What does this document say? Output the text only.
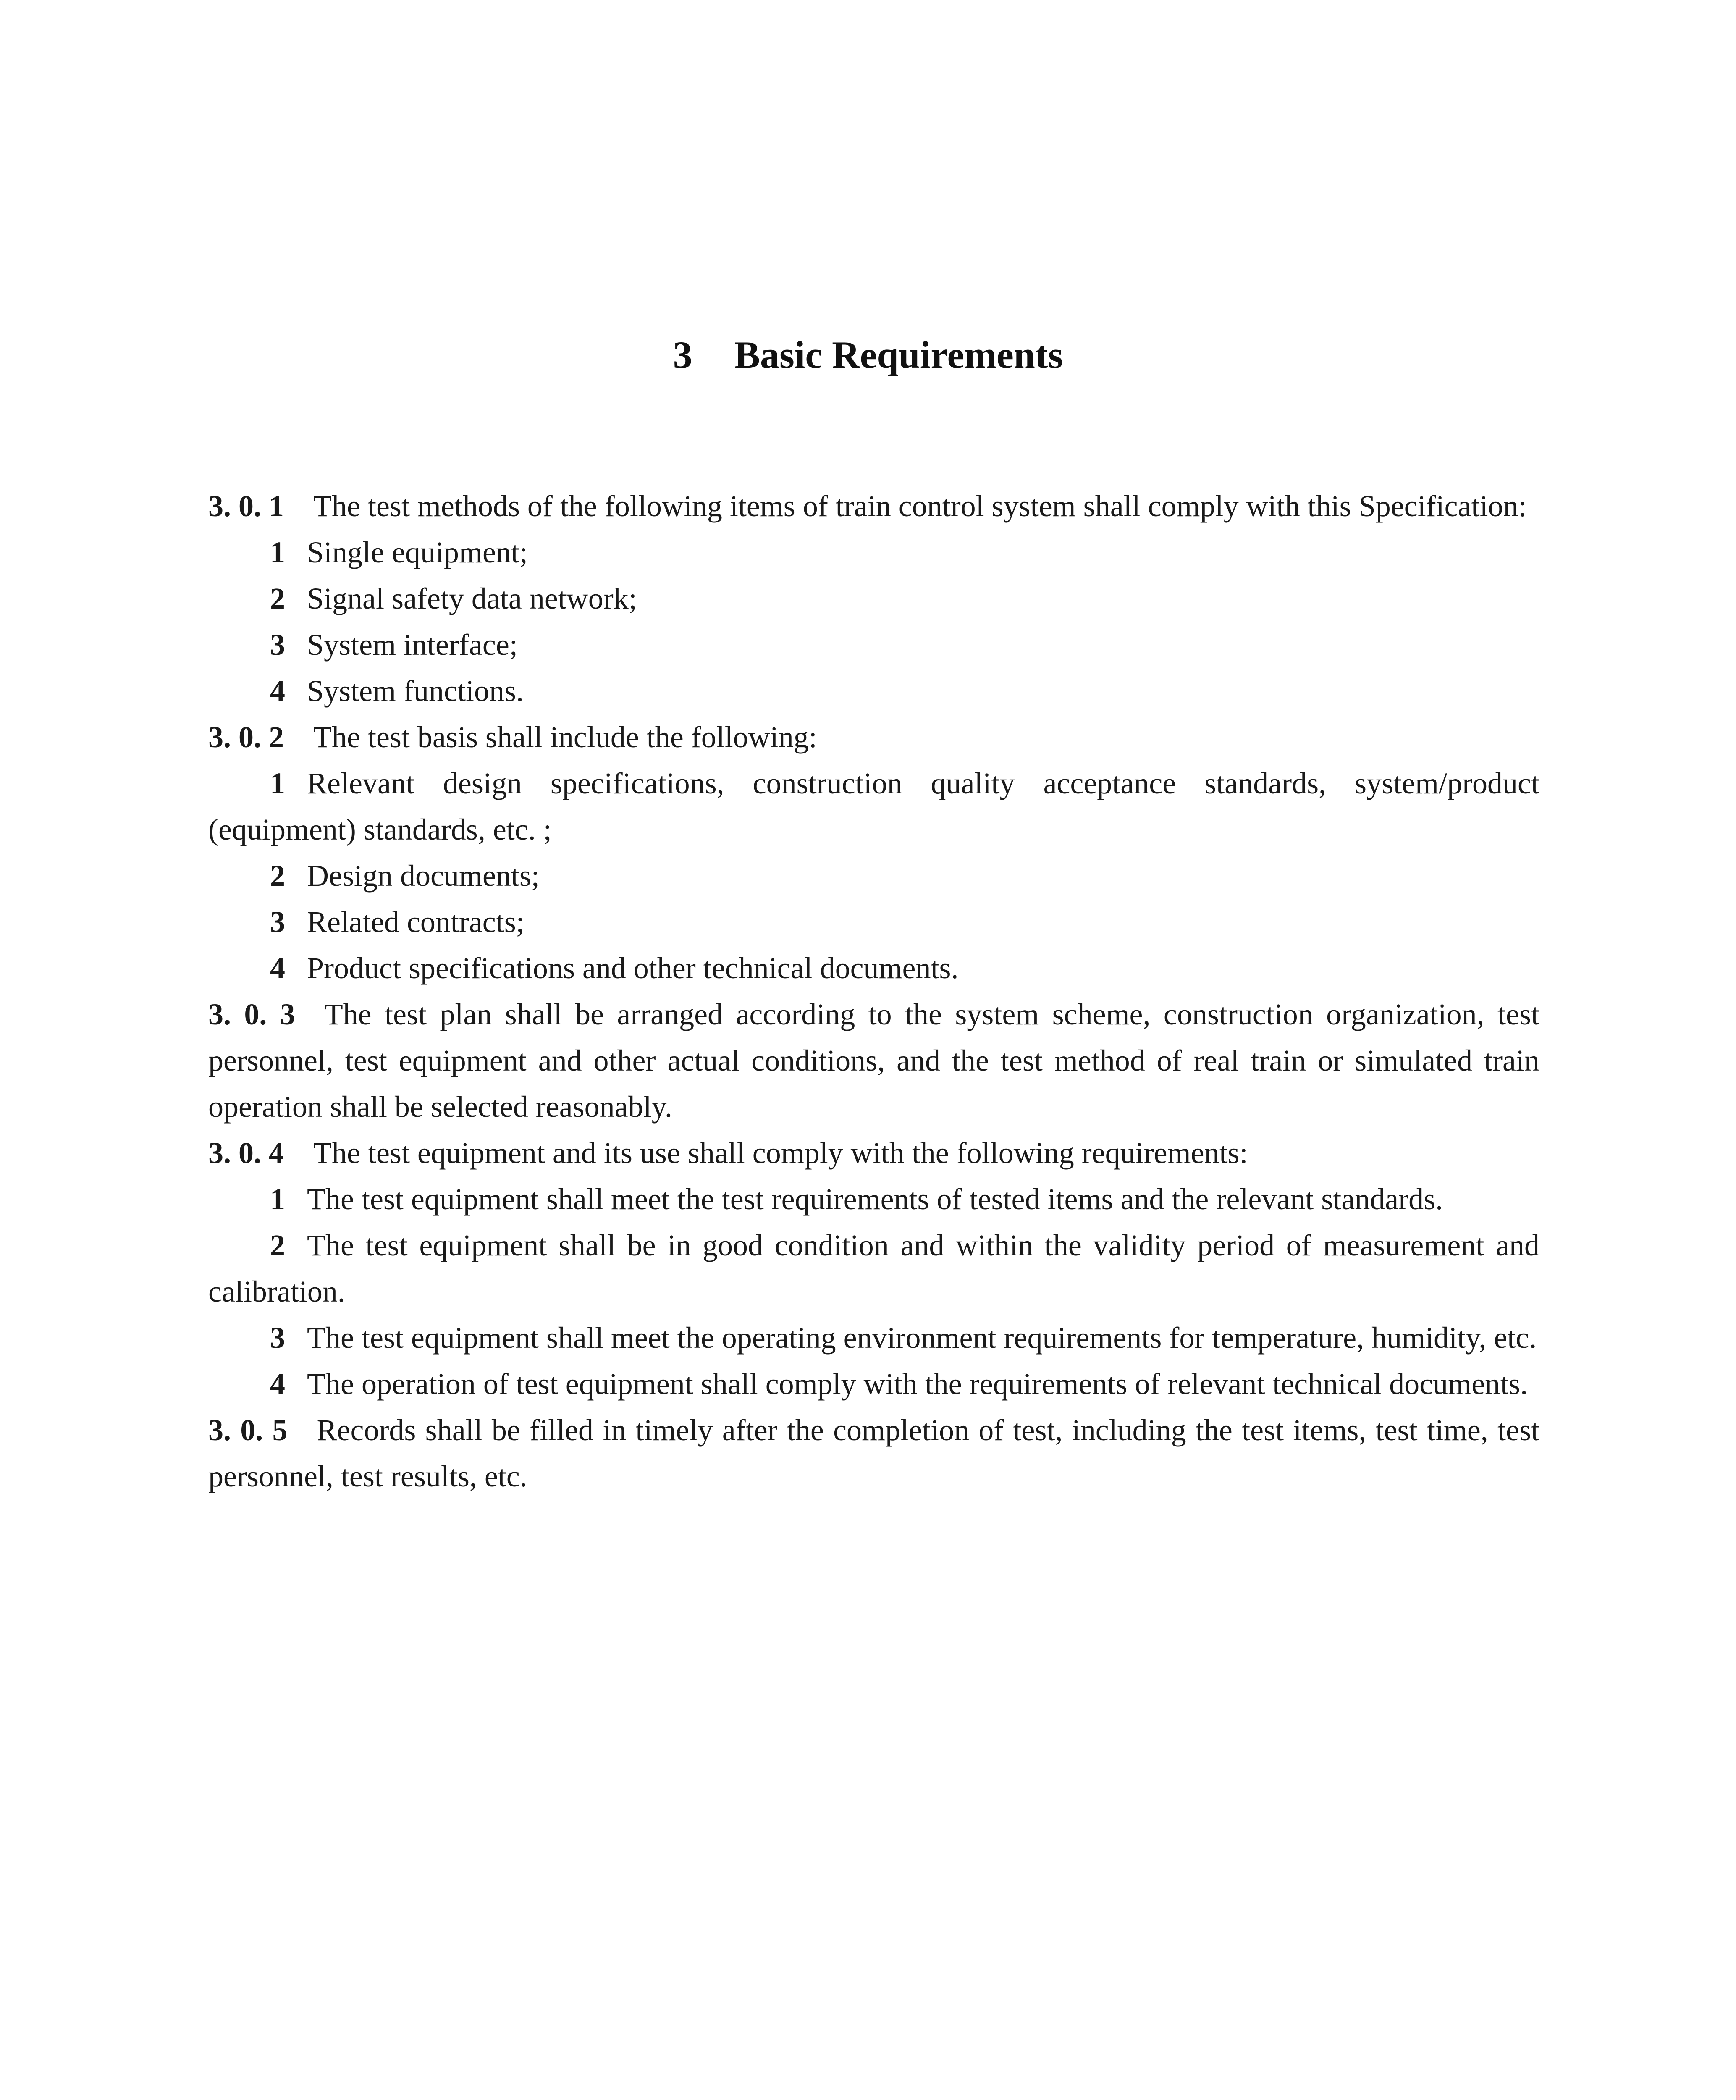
3 Basic Requirements

3. 0. 1 The test methods of the following items of train control system shall comply with this Specification:

1 Single equipment;

2 Signal safety data network;

3 System interface;

4 System functions.

3. 0. 2 The test basis shall include the following:

1 Relevant design specifications, construction quality acceptance standards, system/product (equipment) standards, etc. ;

2 Design documents;

3 Related contracts;

4 Product specifications and other technical documents.

3. 0. 3 The test plan shall be arranged according to the system scheme, construction organization, test personnel, test equipment and other actual conditions, and the test method of real train or simulated train operation shall be selected reasonably.

3. 0. 4 The test equipment and its use shall comply with the following requirements:

1 The test equipment shall meet the test requirements of tested items and the relevant standards.

2 The test equipment shall be in good condition and within the validity period of measurement and calibration.

3 The test equipment shall meet the operating environment requirements for temperature, humidity, etc.

4 The operation of test equipment shall comply with the requirements of relevant technical documents.

3. 0. 5 Records shall be filled in timely after the completion of test, including the test items, test time, test personnel, test results, etc.
